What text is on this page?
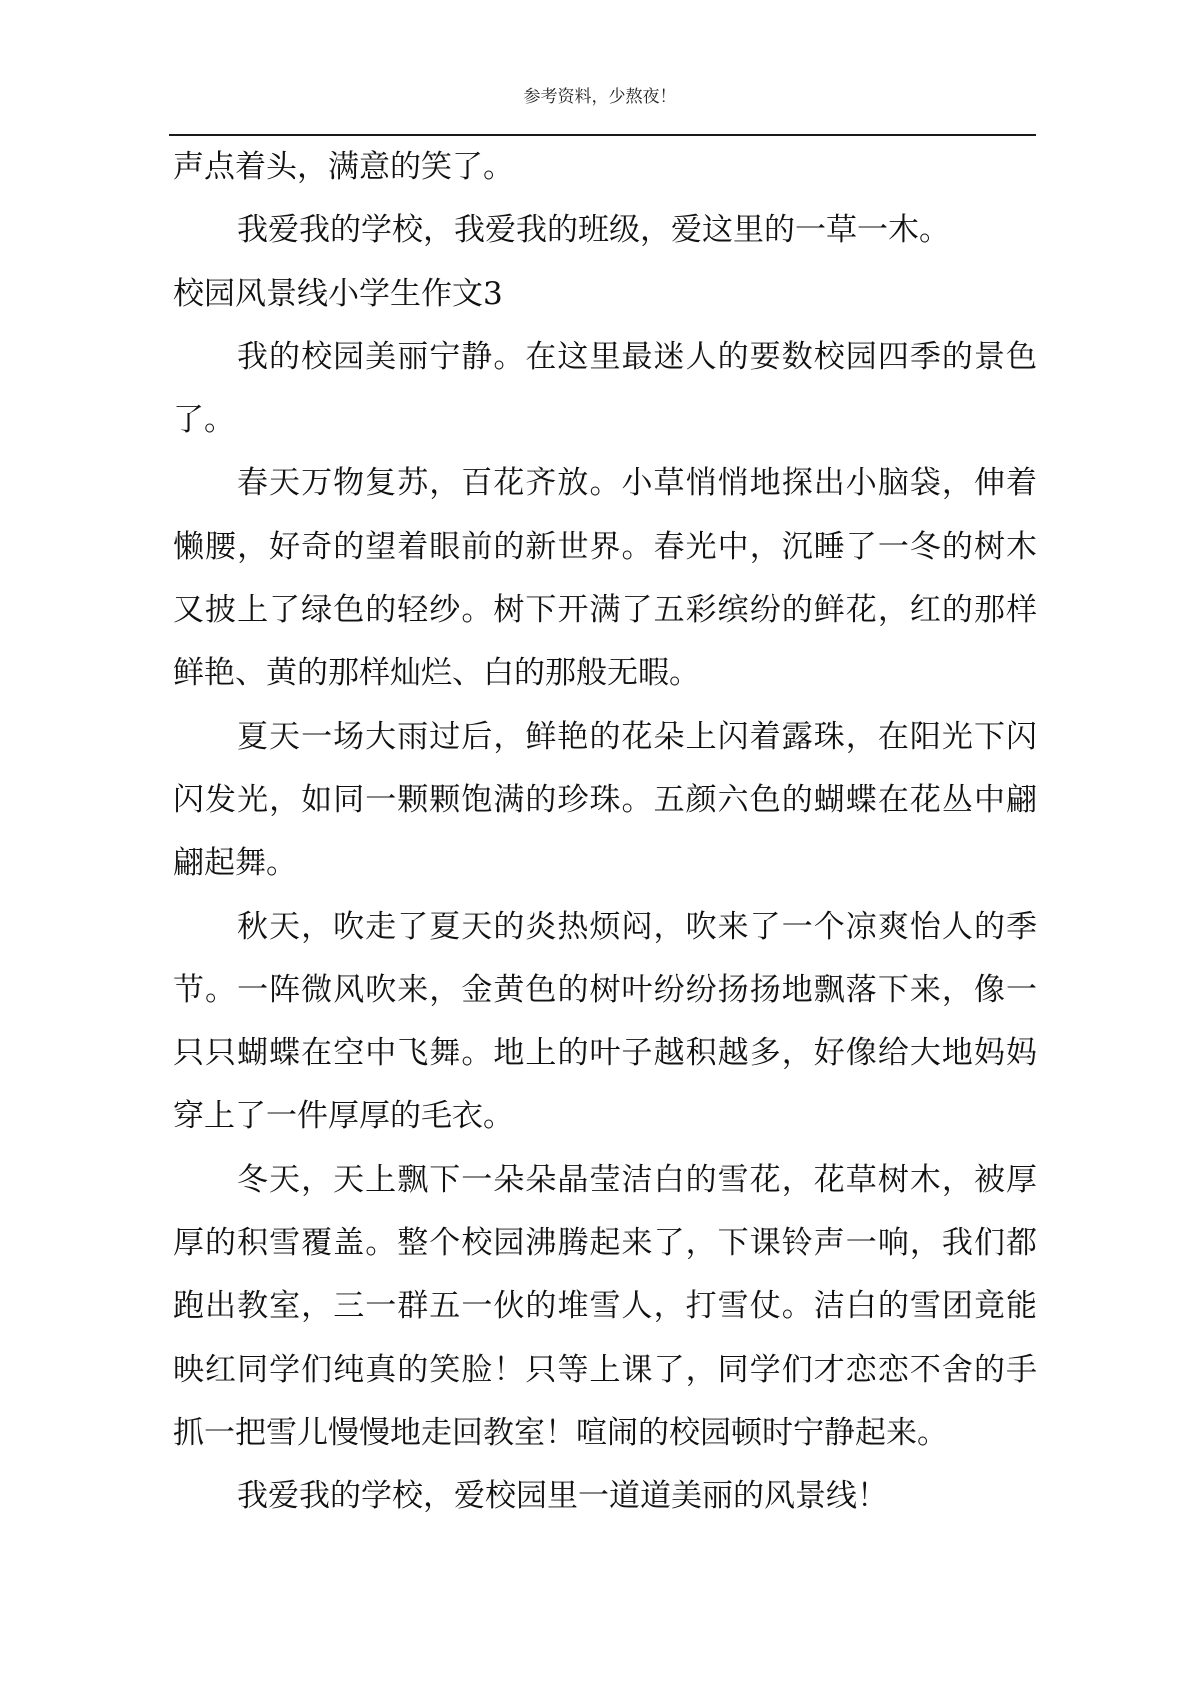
参考资料，少熬夜！
声点着头，满意的笑了。
我爱我的学校，我爱我的班级，爱这里的一草一木。
校园风景线小学生作文3
我的校园美丽宁静。在这里最迷人的要数校园四季的景色
了。
春天万物复苏，百花齐放。小草悄悄地探出小脑袋，伸着
懒腰，好奇的望着眼前的新世界。春光中，沉睡了一冬的树木
又披上了绿色的轻纱。树下开满了五彩缤纷的鲜花，红的那样
鲜艳、黄的那样灿烂、白的那般无暇。
夏天一场大雨过后，鲜艳的花朵上闪着露珠，在阳光下闪
闪发光，如同一颗颗饱满的珍珠。五颜六色的蝴蝶在花丛中翩
翩起舞。
秋天，吹走了夏天的炎热烦闷，吹来了一个凉爽怡人的季
节。一阵微风吹来，金黄色的树叶纷纷扬扬地飘落下来，像一
只只蝴蝶在空中飞舞。地上的叶子越积越多，好像给大地妈妈
穿上了一件厚厚的毛衣。
冬天，天上飘下一朵朵晶莹洁白的雪花，花草树木，被厚
厚的积雪覆盖。整个校园沸腾起来了，下课铃声一响，我们都
跑出教室，三一群五一伙的堆雪人，打雪仗。洁白的雪团竟能
映红同学们纯真的笑脸！只等上课了，同学们才恋恋不舍的手
抓一把雪儿慢慢地走回教室！喧闹的校园顿时宁静起来。
我爱我的学校，爱校园里一道道美丽的风景线！
